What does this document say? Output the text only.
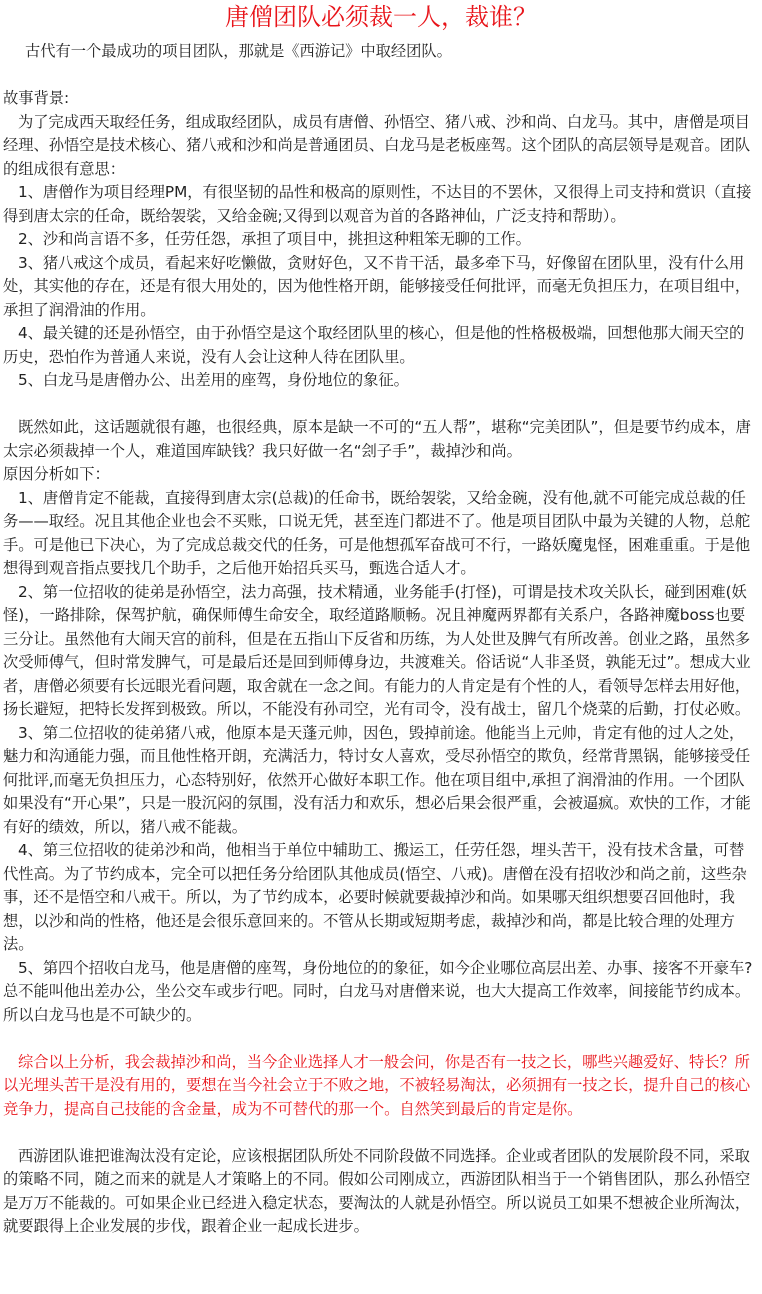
唐僧团队必须裁一人，裁谁？

古代有一个最成功的项目团队，那就是《西游记》中取经团队。

故事背景:

为了完成西天取经任务，组成取经团队，成员有唐僧、孙悟空、猪八戒、沙和尚、白龙马。其中，唐僧是项目经理、孙悟空是技术核心、猪八戒和沙和尚是普通团员、白龙马是老板座驾。这个团队的高层领导是观音。团队的组成很有意思：

1、唐僧作为项目经理PM，有很坚韧的品性和极高的原则性，不达目的不罢休，又很得上司支持和赏识（直接得到唐太宗的任命，既给袈裟，又给金碗;又得到以观音为首的各路神仙，广泛支持和帮助）。

2、沙和尚言语不多，任劳任怨，承担了项目中，挑担这种粗笨无聊的工作。

3、猪八戒这个成员，看起来好吃懒做，贪财好色，又不肯干活，最多牵下马，好像留在团队里，没有什么用处，其实他的存在，还是有很大用处的，因为他性格开朗，能够接受任何批评，而毫无负担压力，在项目组中，承担了润滑油的作用。

4、最关键的还是孙悟空，由于孙悟空是这个取经团队里的核心，但是他的性格极极端，回想他那大闹天空的历史，恐怕作为普通人来说，没有人会让这种人待在团队里。

5、白龙马是唐僧办公、出差用的座驾，身份地位的象征。

既然如此，这话题就很有趣，也很经典，原本是缺一不可的“五人帮”，堪称“完美团队”，但是要节约成本，唐太宗必须裁掉一个人，难道国库缺钱？我只好做一名“刽子手”，裁掉沙和尚。

原因分析如下：

1、唐僧肯定不能裁，直接得到唐太宗(总裁)的任命书，既给袈裟，又给金碗，没有他,就不可能完成总裁的任务——取经。况且其他企业也会不买账，口说无凭，甚至连门都进不了。他是项目团队中最为关键的人物，总舵手。可是他已下决心，为了完成总裁交代的任务，可是他想孤军奋战可不行，一路妖魔鬼怪，困难重重。于是他想得到观音指点要找几个助手，之后他开始招兵买马，甄选合适人才。

2、第一位招收的徒弟是孙悟空，法力高强，技术精通，业务能手(打怪)，可谓是技术攻关队长，碰到困难(妖怪)，一路排除，保驾护航，确保师傅生命安全，取经道路顺畅。况且神魔两界都有关系户，各路神魔boss也要三分让。虽然他有大闹天宫的前科，但是在五指山下反省和历练，为人处世及脾气有所改善。创业之路，虽然多次受师傅气，但时常发脾气，可是最后还是回到师傅身边，共渡难关。俗话说“人非圣贤，孰能无过”。想成大业者，唐僧必须要有长远眼光看问题，取舍就在一念之间。有能力的人肯定是有个性的人，看领导怎样去用好他，扬长避短，把特长发挥到极致。所以，不能没有孙司空，光有司令，没有战士，留几个烧菜的后勤，打仗必败。

3、第二位招收的徒弟猪八戒，他原本是天蓬元帅，因色，毁掉前途。他能当上元帅，肯定有他的过人之处，魅力和沟通能力强，而且他性格开朗，充满活力，特讨女人喜欢，受尽孙悟空的欺负，经常背黑锅，能够接受任何批评,而毫无负担压力，心态特别好，依然开心做好本职工作。他在项目组中,承担了润滑油的作用。一个团队如果没有“开心果”，只是一股沉闷的氛围，没有活力和欢乐，想必后果会很严重，会被逼疯。欢快的工作，才能有好的绩效，所以，猪八戒不能裁。

4、第三位招收的徒弟沙和尚，他相当于单位中辅助工、搬运工，任劳任怨，埋头苦干，没有技术含量，可替代性高。为了节约成本，完全可以把任务分给团队其他成员(悟空、八戒)。唐僧在没有招收沙和尚之前，这些杂事，还不是悟空和八戒干。所以，为了节约成本，必要时候就要裁掉沙和尚。如果哪天组织想要召回他时，我想，以沙和尚的性格，他还是会很乐意回来的。不管从长期或短期考虑，裁掉沙和尚，都是比较合理的处理方法。

5、第四个招收白龙马，他是唐僧的座驾，身份地位的的象征，如今企业哪位高层出差、办事、接客不开豪车?总不能叫他出差办公，坐公交车或步行吧。同时，白龙马对唐僧来说，也大大提高工作效率，间接能节约成本。所以白龙马也是不可缺少的。

综合以上分析，我会裁掉沙和尚，当今企业选择人才一般会问，你是否有一技之长，哪些兴趣爱好、特长？所以光埋头苦干是没有用的，要想在当今社会立于不败之地，不被轻易淘汰，必须拥有一技之长，提升自己的核心竞争力，提高自己技能的含金量，成为不可替代的那一个。自然笑到最后的肯定是你。

西游团队谁把谁淘汰没有定论，应该根据团队所处不同阶段做不同选择。企业或者团队的发展阶段不同，采取的策略不同，随之而来的就是人才策略上的不同。假如公司刚成立，西游团队相当于一个销售团队，那么孙悟空是万万不能裁的。可如果企业已经进入稳定状态，要淘汰的人就是孙悟空。所以说员工如果不想被企业所淘汰，就要跟得上企业发展的步伐，跟着企业一起成长进步。
